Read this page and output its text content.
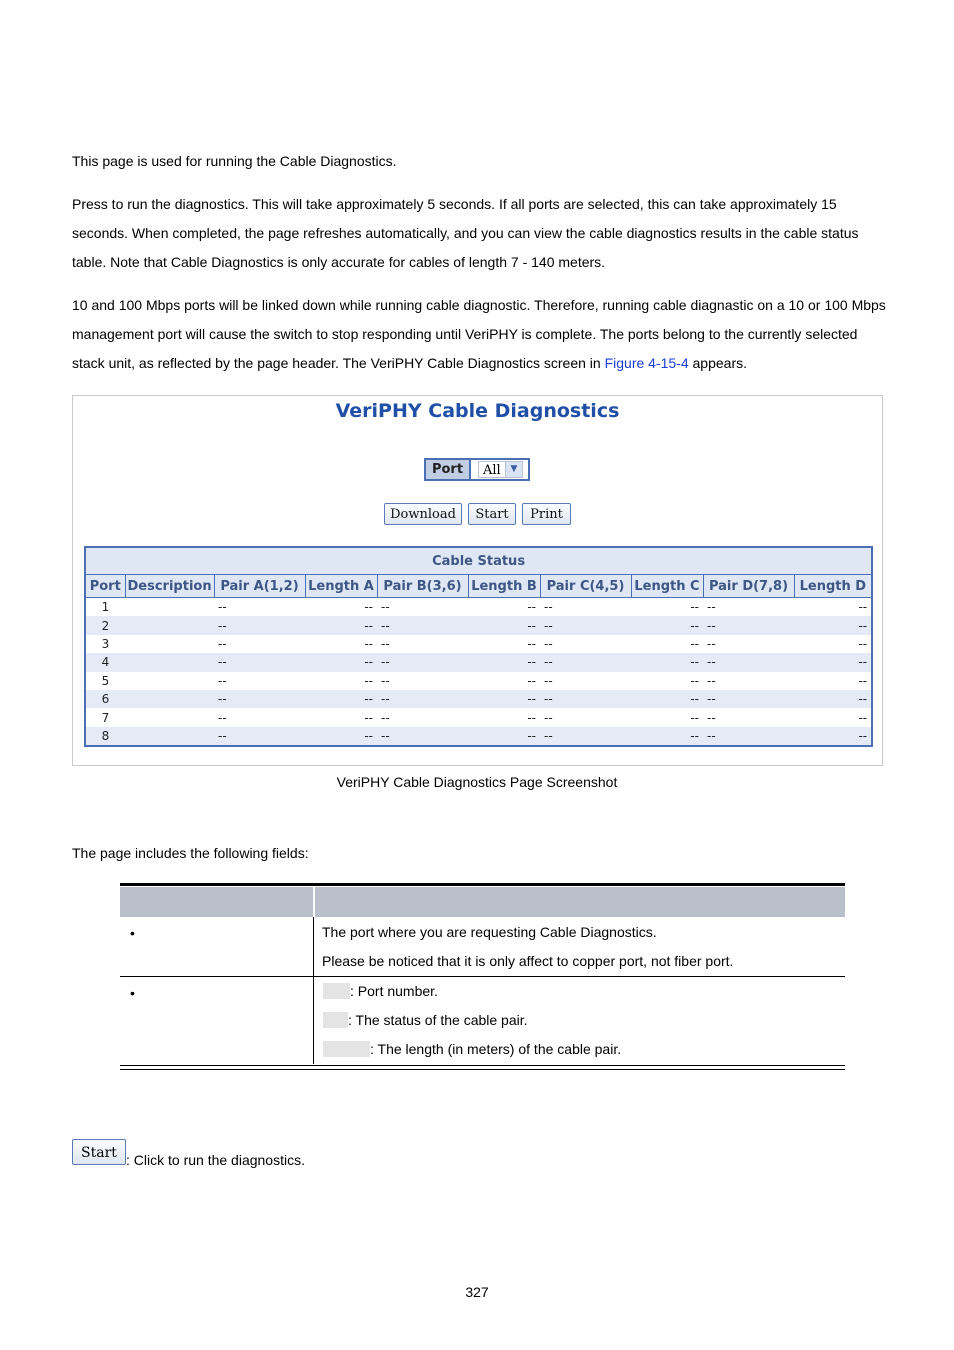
This page is used for running the Cable Diagnostics.

Press to run the diagnostics. This will take approximately 5 seconds. If all ports are selected, this can take approximately 15 seconds. When completed, the page refreshes automatically, and you can view the cable diagnostics results in the cable status table. Note that Cable Diagnostics is only accurate for cables of length 7 - 140 meters.

10 and 100 Mbps ports will be linked down while running cable diagnostic. Therefore, running cable diagnastic on a 10 or 100 Mbps management port will cause the switch to stop responding until VeriPHY is complete. The ports belong to the currently selected stack unit, as reflected by the page header. The VeriPHY Cable Diagnostics screen in Figure 4-15-4 appears.

VeriPHY Cable Diagnostics
Port	All	▼
Download	Start	Print
Cable Status									
Port	Description	Pair A(1,2)	Length A	Pair B(3,6)	Length B	Pair C(4,5)	Length C	Pair D(7,8)	Length D
1		--	--	--	--	--	--	--	--
2		--	--	--	--	--	--	--	--
3		--	--	--	--	--	--	--	--
4		--	--	--	--	--	--	--	--
5		--	--	--	--	--	--	--	--
6		--	--	--	--	--	--	--	--
7		--	--	--	--	--	--	--	--
8		--	--	--	--	--	--	--	--

VeriPHY Cable Diagnostics Page Screenshot

The page includes the following fields:

•	The port where you are requesting Cable Diagnostics.

Please be noticed that it is only affect to copper port, not fiber port.

•	: Port number.

: The status of the cable pair.

: The length (in meters) of the cable pair.

Start : Click to run the diagnostics.

327
